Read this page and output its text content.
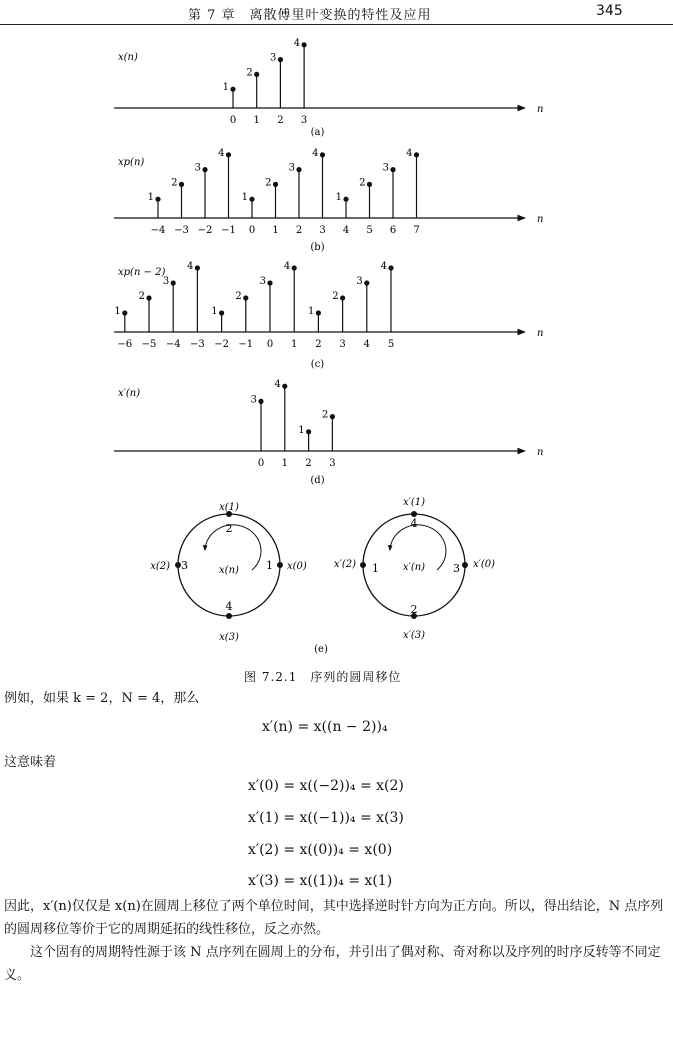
第 7 章　离散傅里叶变换的特性及应用	345
n
x(n)
(a)
1
2
3
4
0 1 2 3
n
xp(n)
(b)
1
2
3
4
1
2
3
4
1
2
3
4
−4 −3 −2 −1 0 1 2 3 4 5 6 7
n
xp(n − 2)
(c)
1
2
3
4
1
2
3
4
1
2
3
4
−6 −5 −4 −3 −2 −1 0 1 2 3 4 5
n
x′(n)
(d)
3
4
1
2
0 1 2 3
x(1)
2
x(0)
1
x(3)
4
x(2) 3	x(n)
x′(1)
4
x′(0)
3
x′(3)
2
x′(2) 1 x′(n)
(e)
图 7.2.1　序列的圆周移位
例如，如果 k = 2，N = 4，那么
x′(n) = x((n − 2))₄
这意味着
x′(0) = x((−2))₄ = x(2)
x′(1) = x((−1))₄ = x(3)
x′(2) = x((0))₄ = x(0)
x′(3) = x((1))₄ = x(1)
因此，x′(n)仅仅是 x(n)在圆周上移位了两个单位时间，其中选择逆时针方向为正方向。所以，得出结论，N 点序列的圆周移位等价于它的周期延拓的线性移位，反之亦然。
　　这个固有的周期特性源于该 N 点序列在圆周上的分布，并引出了偶对称、奇对称以及序列的时序反转等不同定义。
